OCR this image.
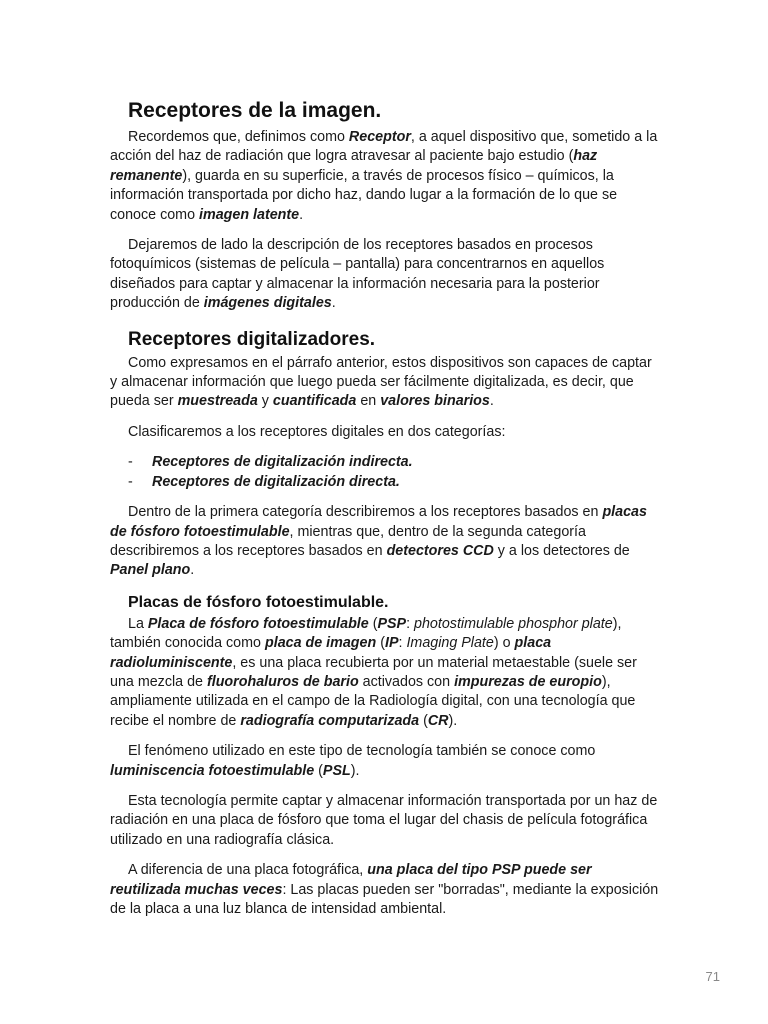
Receptores de la imagen.

Recordemos que, definimos como Receptor, a aquel dispositivo que, sometido a la acción del haz de radiación que logra atravesar al paciente bajo estudio (haz remanente), guarda en su superficie, a través de procesos físico – químicos, la información transportada por dicho haz, dando lugar a la formación de lo que se conoce como imagen latente.

Dejaremos de lado la descripción de los receptores basados en procesos fotoquímicos (sistemas de película – pantalla) para concentrarnos en aquellos diseñados para captar y almacenar la información necesaria para la posterior producción de imágenes digitales.

Receptores digitalizadores.

Como expresamos en el párrafo anterior, estos dispositivos son capaces de captar y almacenar información que luego pueda ser fácilmente digitalizada, es decir, que pueda ser muestreada y cuantificada en valores binarios.

Clasificaremos a los receptores digitales en dos categorías:

- Receptores de digitalización indirecta.
- Receptores de digitalización directa.

Dentro de la primera categoría describiremos a los receptores basados en placas de fósforo fotoestimulable, mientras que, dentro de la segunda categoría describiremos a los receptores basados en detectores CCD y a los detectores de Panel plano.

Placas de fósforo fotoestimulable.

La Placa de fósforo fotoestimulable (PSP: photostimulable phosphor plate), también conocida como placa de imagen (IP: Imaging Plate) o placa radioluminiscente, es una placa recubierta por un material metaestable (suele ser una mezcla de fluorohaluros de bario activados con impurezas de europio), ampliamente utilizada en el campo de la Radiología digital, con una tecnología que recibe el nombre de radiografía computarizada (CR).

El fenómeno utilizado en este tipo de tecnología también se conoce como luminiscencia fotoestimulable (PSL).

Esta tecnología permite captar y almacenar información transportada por un haz de radiación en una placa de fósforo que toma el lugar del chasis de película fotográfica utilizado en una radiografía clásica.

A diferencia de una placa fotográfica, una placa del tipo PSP puede ser reutilizada muchas veces: Las placas pueden ser "borradas", mediante la exposición de la placa a una luz blanca de intensidad ambiental.

71
